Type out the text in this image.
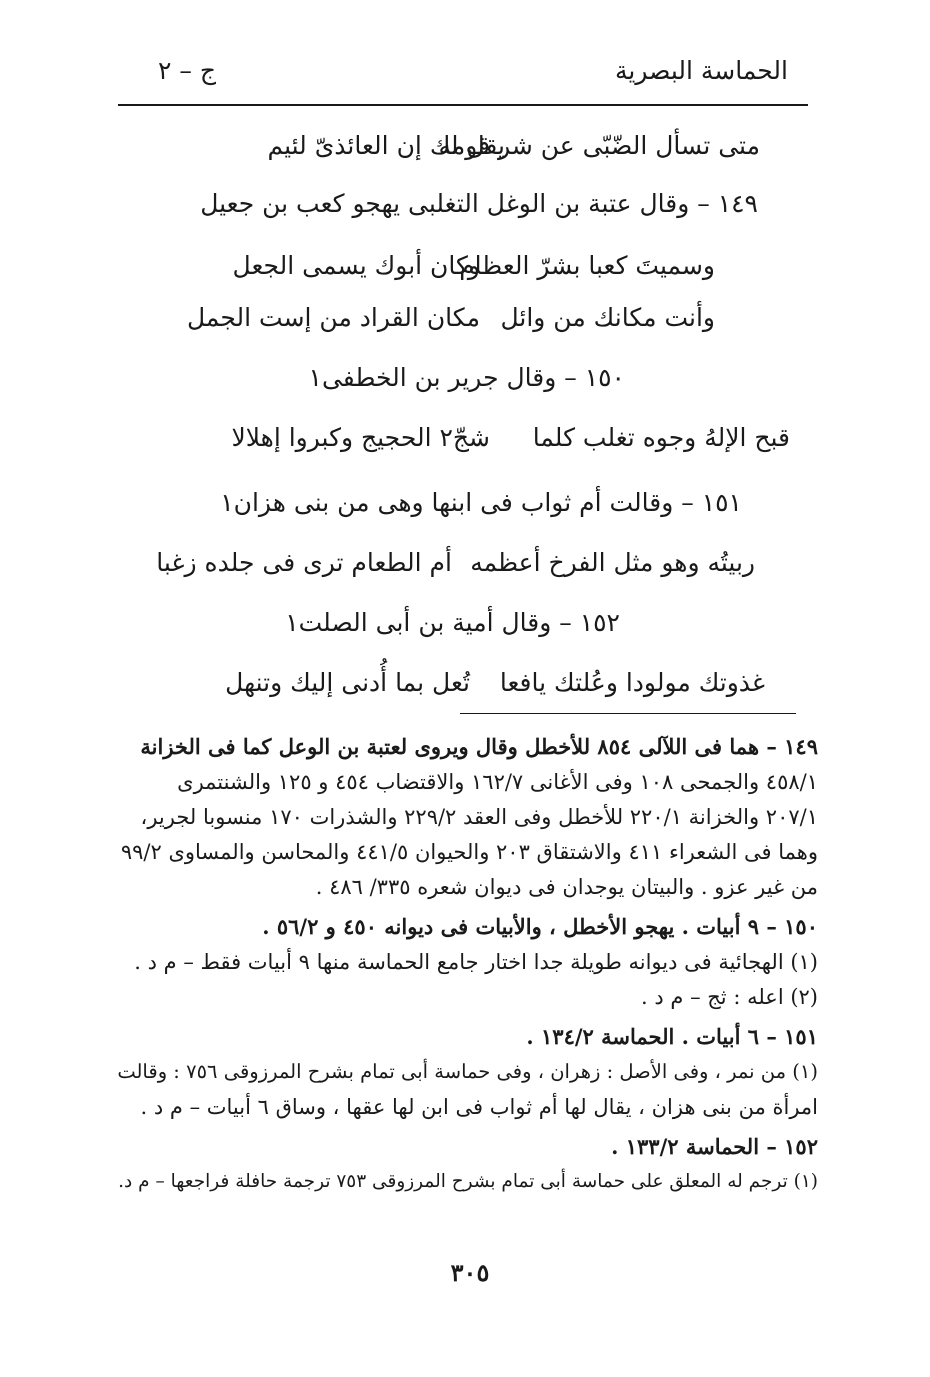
الحماسة البصرية
ج – ٢
متى تسأل الضّبّى عن شر قومه
يقل لك إن العائذىّ لئيم
١٤٩ – وقال عتبة بن الوغل التغلبى يهجو كعب بن جعيل
وسميتَ كعبا بشرّ العظام
وكان أبوك يسمى الجعل
وأنت مكانك من وائل
مكان القراد من إست الجمل
١٥٠ – وقال جرير بن الخطفى١
قبح الإلهُ وجوه تغلب كلما
شجّ٢ الحجيج وكبروا إهلالا
١٥١ – وقالت أم ثواب فى ابنها وهى من بنى هزان١
ربيتُه وهو مثل الفرخ أعظمه
أم الطعام ترى فى جلده زغبا
١٥٢ – وقال أمية بن أبى الصلت١
غذوتك مولودا وعُلتك يافعا
تُعل بما أُدنى إليك وتنهل
١٤٩ – هما فى اللآلى ٨٥٤ للأخطل وقال ويروى لعتبة بن الوعل كما فى الخزانة
٤٥٨/١ والجمحى ١٠٨ وفى الأغانى ١٦٢/٧ والاقتضاب ٤٥٤ و ١٢٥ والشنتمرى
٢٠٧/١ والخزانة ٢٢٠/١ للأخطل وفى العقد ٢٢٩/٢ والشذرات ١٧٠ منسوبا لجرير،
وهما فى الشعراء ٤١١ والاشتقاق ٢٠٣ والحيوان ٤٤١/٥ والمحاسن والمساوى ٩٩/٢
من غير عزو . والبيتان يوجدان فى ديوان شعره ٣٣٥/ ٤٨٦ .
١٥٠ – ٩ أبيات . يهجو الأخطل ، والأبيات فى ديوانه ٤٥٠ و ٥٦/٢ .
(١) الهجائية فى ديوانه طويلة جدا اختار جامع الحماسة منها ٩ أبيات فقط – م د .
(٢) اعله : ثج – م د .
١٥١ – ٦ أبيات . الحماسة ١٣٤/٢ .
(١) من نمر ، وفى الأصل : زهران ، وفى حماسة أبى تمام بشرح المرزوقى ٧٥٦ : وقالت
امرأة من بنى هزان ، يقال لها أم ثواب فى ابن لها عقها ، وساق ٦ أبيات – م د .
١٥٢ – الحماسة ١٣٣/٢ .
(١) ترجم له المعلق على حماسة أبى تمام بشرح المرزوقى ٧٥٣ ترجمة حافلة فراجعها – م د.
٣٠٥
